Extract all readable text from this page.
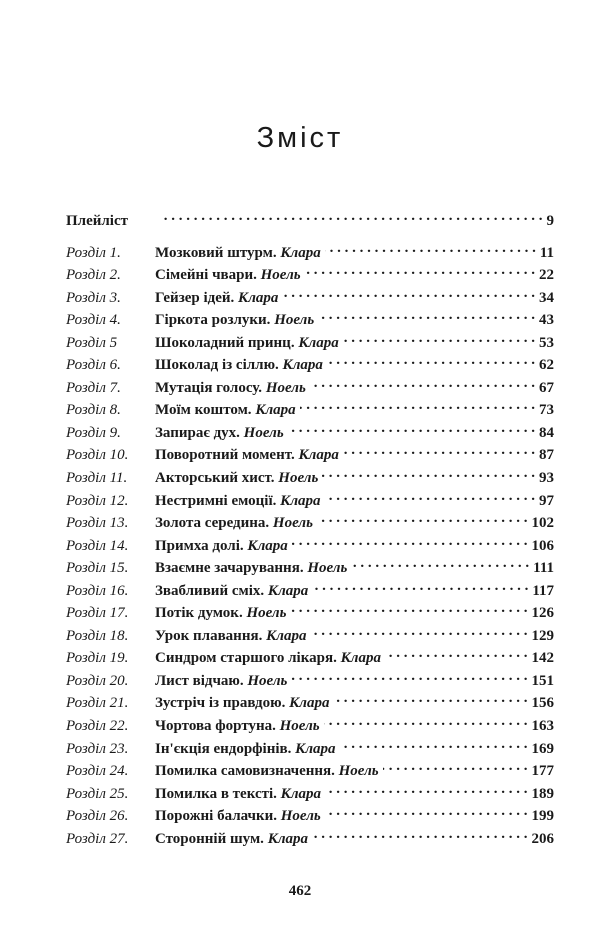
Зміст
Плейліст . . .	9
Розділ 1.	Мозковий штурм. Клара . . .	11
Розділ 2.	Сімейні чвари. Ноель . . .	22
Розділ 3.	Гейзер ідей. Клара . . .	34
Розділ 4.	Гіркота розлуки. Ноель . . .	43
Розділ 5	Шоколадний принц. Клара . . .	53
Розділ 6.	Шоколад із сіллю. Клара . . .	62
Розділ 7.	Мутація голосу. Ноель . . .	67
Розділ 8.	Моїм коштом. Клара . . .	73
Розділ 9.	Запирає дух. Ноель . . .	84
Розділ 10.	Поворотний момент. Клара . . .	87
Розділ 11.	Акторський хист. Ноель . . .	93
Розділ 12.	Нестримні емоції. Клара . . .	97
Розділ 13.	Золота середина. Ноель . . .	102
Розділ 14.	Примха долі. Клара . . .	106
Розділ 15.	Взаємне зачарування. Ноель . . .	111
Розділ 16.	Звабливий сміх. Клара . . .	117
Розділ 17.	Потік думок. Ноель . . .	126
Розділ 18.	Урок плавання. Клара . . .	129
Розділ 19.	Синдром старшого лікаря. Клара . . .	142
Розділ 20.	Лист відчаю. Ноель . . .	151
Розділ 21.	Зустріч із правдою. Клара . . .	156
Розділ 22.	Чортова фортуна. Ноель . . .	163
Розділ 23.	Ін'єкція ендорфінів. Клара . . .	169
Розділ 24.	Помилка самовизначення. Ноель . . .	177
Розділ 25.	Помилка в тексті. Клара . . .	189
Розділ 26.	Порожні балачки. Ноель . . .	199
Розділ 27.	Сторонній шум. Клара . . .	206
462
